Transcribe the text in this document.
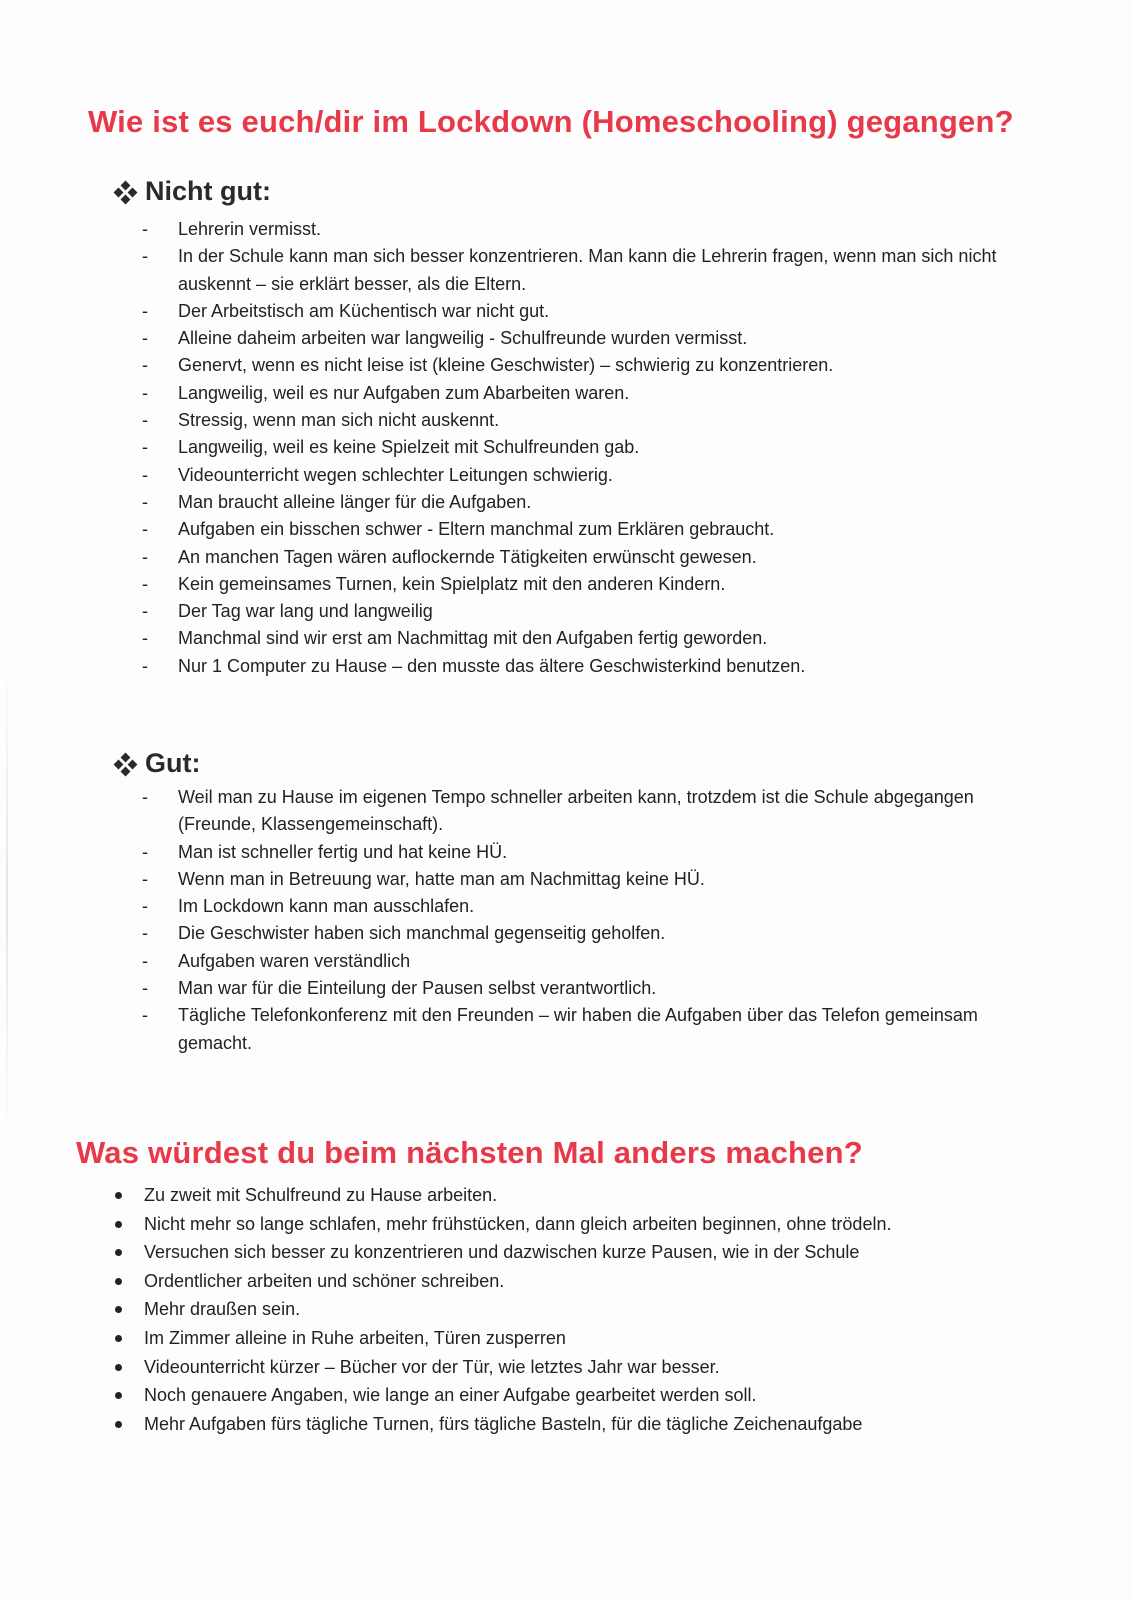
Wie ist es euch/dir im Lockdown (Homeschooling) gegangen?
Nicht gut:
- Lehrerin vermisst.
- In der Schule kann man sich besser konzentrieren. Man kann die Lehrerin fragen, wenn man sich nicht auskennt – sie erklärt besser, als die Eltern.
- Der Arbeitstisch am Küchentisch war nicht gut.
- Alleine daheim arbeiten war langweilig - Schulfreunde wurden vermisst.
- Genervt, wenn es nicht leise ist (kleine Geschwister) – schwierig zu konzentrieren.
- Langweilig, weil es nur Aufgaben zum Abarbeiten waren.
- Stressig, wenn man sich nicht auskennt.
- Langweilig, weil es keine Spielzeit mit Schulfreunden gab.
- Videounterricht wegen schlechter Leitungen schwierig.
- Man braucht alleine länger für die Aufgaben.
- Aufgaben ein bisschen schwer - Eltern manchmal zum Erklären gebraucht.
- An manchen Tagen wären auflockernde Tätigkeiten erwünscht gewesen.
- Kein gemeinsames Turnen, kein Spielplatz mit den anderen Kindern.
- Der Tag war lang und langweilig
- Manchmal sind wir erst am Nachmittag mit den Aufgaben fertig geworden.
- Nur 1 Computer zu Hause – den musste das ältere Geschwisterkind benutzen.
Gut:
- Weil man zu Hause im eigenen Tempo schneller arbeiten kann, trotzdem ist die Schule abgegangen (Freunde, Klassengemeinschaft).
- Man ist schneller fertig und hat keine HÜ.
- Wenn man in Betreuung war, hatte man am Nachmittag keine HÜ.
- Im Lockdown kann man ausschlafen.
- Die Geschwister haben sich manchmal gegenseitig geholfen.
- Aufgaben waren verständlich
- Man war für die Einteilung der Pausen selbst verantwortlich.
- Tägliche Telefonkonferenz mit den Freunden – wir haben die Aufgaben über das Telefon gemeinsam gemacht.
Was würdest du beim nächsten Mal anders machen?
Zu zweit mit Schulfreund zu Hause arbeiten.
Nicht mehr so lange schlafen, mehr frühstücken, dann gleich arbeiten beginnen, ohne trödeln.
Versuchen sich besser zu konzentrieren und dazwischen kurze Pausen, wie in der Schule
Ordentlicher arbeiten und schöner schreiben.
Mehr draußen sein.
Im Zimmer alleine in Ruhe arbeiten, Türen zusperren
Videounterricht kürzer – Bücher vor der Tür, wie letztes Jahr war besser.
Noch genauere Angaben, wie lange an einer Aufgabe gearbeitet werden soll.
Mehr Aufgaben fürs tägliche Turnen, fürs tägliche Basteln, für die tägliche Zeichenaufgabe
